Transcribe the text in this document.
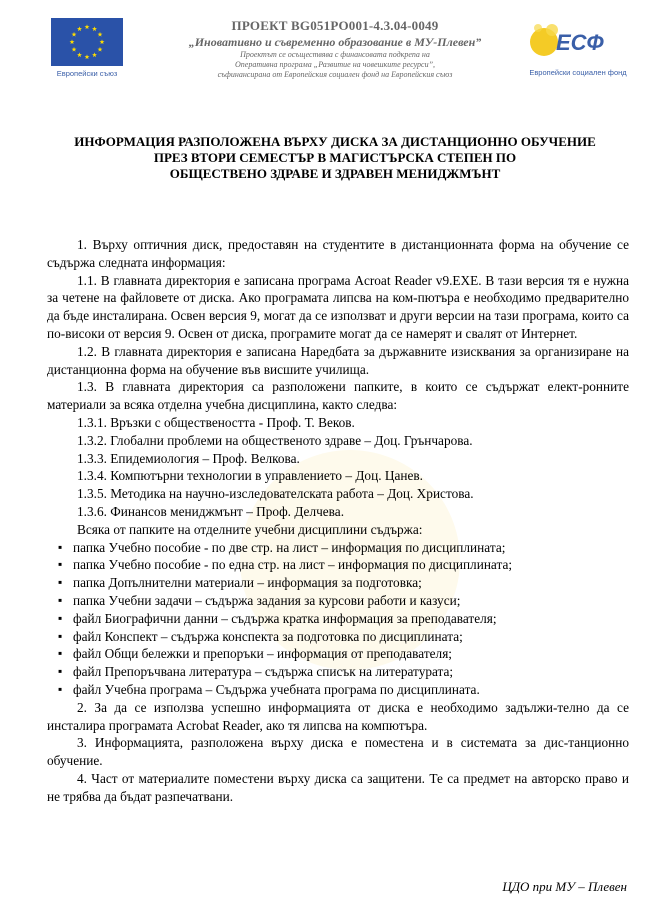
Европейски съюз
ПРОЕКТ BG051PO001-4.3.04-0049
„Иновативно и съвременно образование в МУ-Плевен”
Проектът се осъществява с финансовата подкрепа на
Оперативна програма „Развитие на човешките ресурси”,
съфинансирана от Европейския социален фонд на Европейския съюз
ЕСФ
Европейски социален фонд
ИНФОРМАЦИЯ РАЗПОЛОЖЕНА ВЪРХУ ДИСКА ЗА ДИСТАНЦИОННО ОБУЧЕНИЕ
ПРЕЗ ВТОРИ СЕМЕСТЪР В МАГИСТЪРСКА СТЕПЕН ПО
ОБЩЕСТВЕНО ЗДРАВЕ И ЗДРАВЕН МЕНИДЖМЪНТ

1. Върху оптичния диск, предоставян на студентите в дистанционната форма на обучение се съдържа следната информация:

1.1. В главната директория е записана програма Acroat Reader v9.EXE. В тази версия тя е нужна за четене на файловете от диска. Ако програмата липсва на ком-пютъра е необходимо предварително да бъде инсталирана. Освен версия 9, могат да се използват и други версии на тази програма, които са по-високи от версия 9. Освен от диска, програмите могат да се намерят и свалят от Интернет.

1.2. В главната директория е записана Наредбата за държавните изисквания за организиране на дистанционна форма на обучение във висшите училища.

1.3. В главната директория са разположени папките, в които се съдържат елект-ронните материали за всяка отделна учебна дисциплина, както следва:

1.3.1. Връзки с обществеността - Проф. Т. Веков.

1.3.2. Глобални проблеми на общественото здраве – Доц. Грънчарова.

1.3.3. Епидемиология – Проф. Велкова.

1.3.4. Компютърни технологии в управлението – Доц. Цанев.

1.3.5. Методика на научно-изследователската работа – Доц. Христова.

1.3.6. Финансов мениджмънт – Проф. Делчева.

Всяка от папките на отделните учебни дисциплини съдържа:

▪ папка Учебно пособие - по две стр. на лист – информация по дисциплината;
▪ папка Учебно пособие - по една стр. на лист – информация по дисциплината;
▪ папка Допълнителни материали – информация за подготовка;
▪ папка Учебни задачи – съдържа задания за курсови работи и казуси;
▪ файл Биографични данни – съдържа кратка информация за преподавателя;
▪ файл Конспект – съдържа конспекта за подготовка по дисциплината;
▪ файл Общи бележки и препоръки – информация от преподавателя;
▪ файл Препоръчвана литература – съдържа списък на литературата;
▪ файл Учебна програма – Съдържа учебната програма по дисциплината.

2. За да се използва успешно информацията от диска е необходимо задължи-телно да се инсталира програмата Acrobat Reader, ако тя липсва на компютъра.

3. Информацията, разположена върху диска е поместена и в системата за дис-танционно обучение.

4. Част от материалите поместени върху диска са защитени. Те са предмет на авторско право и не трябва да бъдат разпечатвани.

ЦДО при МУ – Плевен
